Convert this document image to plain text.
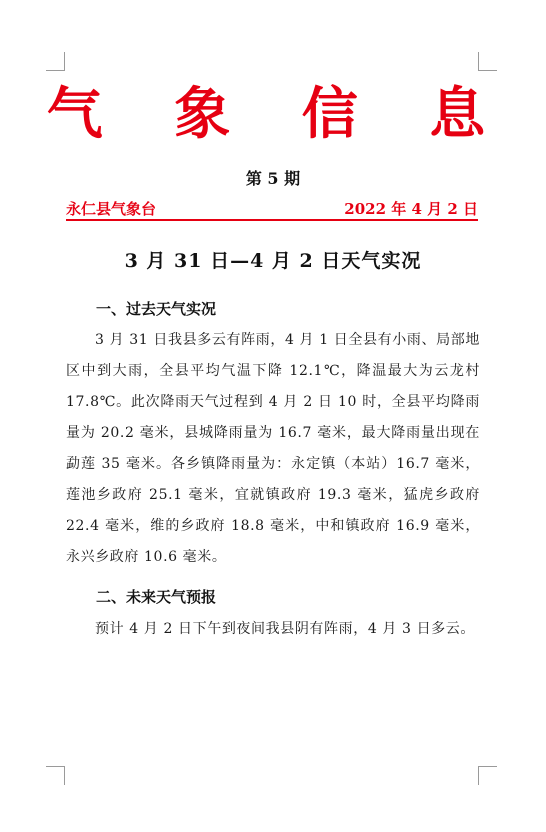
气 象 信 息
第 5 期
永仁县气象台	2022 年 4 月 2 日
3 月 31 日—4 月 2 日天气实况
一、过去天气实况
3 月 31 日我县多云有阵雨，4 月 1 日全县有小雨、局部地区中到大雨，全县平均气温下降 12.1℃，降温最大为云龙村 17.8℃。此次降雨天气过程到 4 月 2 日 10 时，全县平均降雨量为 20.2 毫米，县城降雨量为 16.7 毫米，最大降雨量出现在勐莲 35 毫米。各乡镇降雨量为：永定镇（本站）16.7 毫米，莲池乡政府 25.1 毫米，宜就镇政府 19.3 毫米，猛虎乡政府 22.4 毫米，维的乡政府 18.8 毫米，中和镇政府 16.9 毫米，永兴乡政府 10.6 毫米。
二、未来天气预报
预计 4 月 2 日下午到夜间我县阴有阵雨，4 月 3 日多云。
